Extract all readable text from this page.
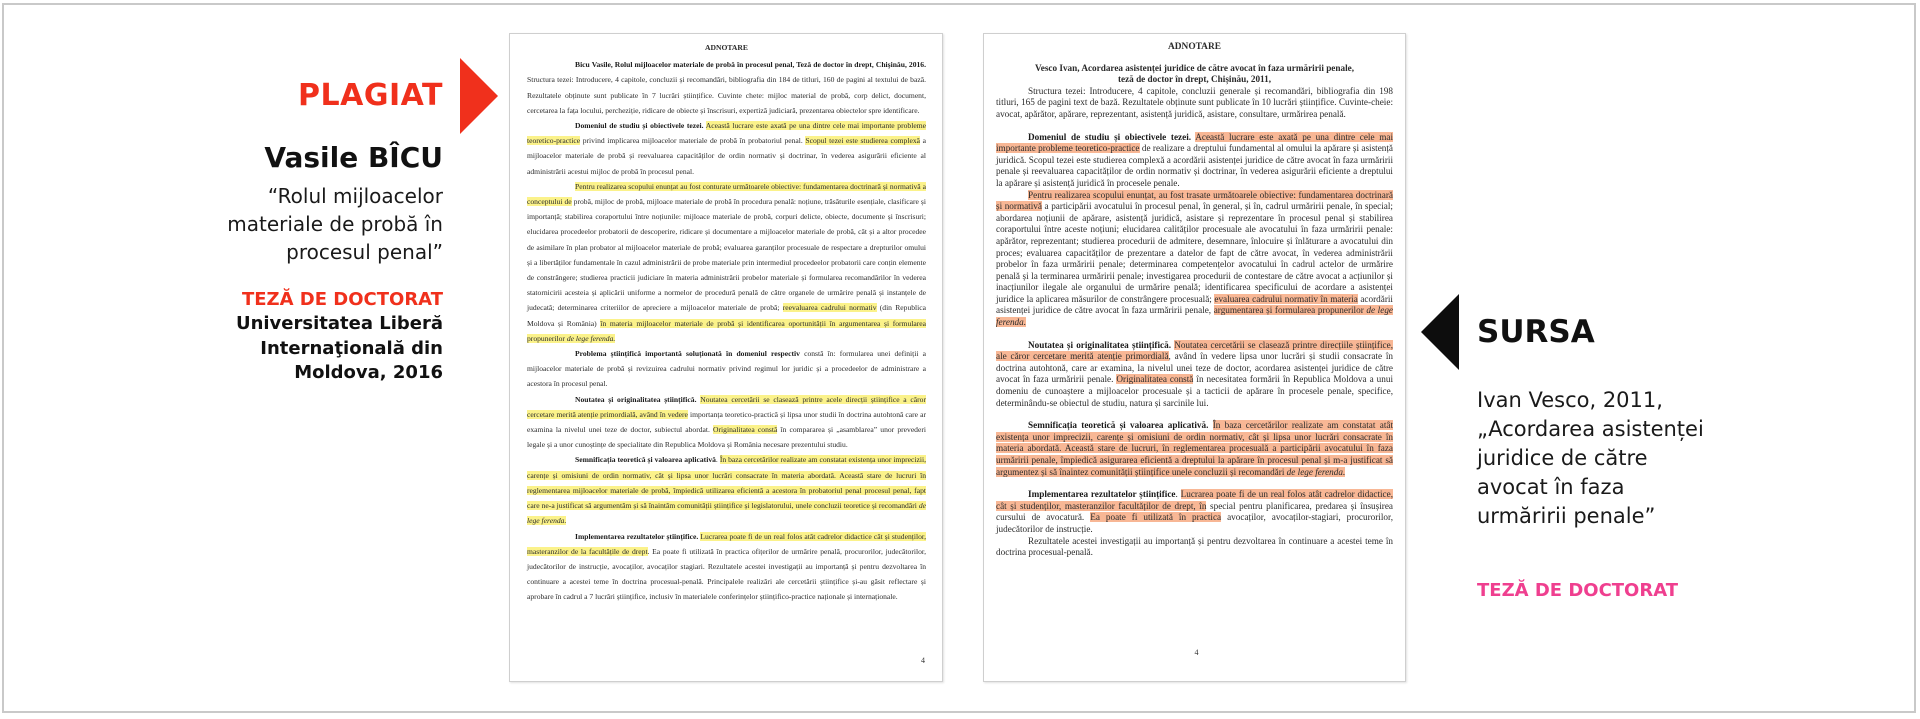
PLAGIAT
Vasile BÎCU
“Rolul mijloacelor materiale de probă în procesul penal”
TEZĂ DE DOCTORAT
Universitatea Liberă Internaţională din Moldova, 2016
ADNOTARE

Bicu Vasile, Rolul mijloacelor materiale de probă în procesul penal, Teză de doctor în drept, Chişinău, 2016. Structura tezei: Introducere, 4 capitole, concluzii și recomandări, bibliografia din 184 de titluri, 160 de pagini al textului de bază. Rezultatele obținute sunt publicate în 7 lucrări științifice. Cuvinte chete: mijloc material de probă, corp delict, document, cercetarea la fața locului, percheziție, ridicare de obiecte și înscrisuri, expertiză judiciară, prezentarea obiectelor spre identificare.

Domeniul de studiu și obiectivele tezei. Această lucrare este axată pe una dintre cele mai importante probleme teoretico-practice privind implicarea mijloacelor materiale de probă în probatoriul penal. Scopul tezei este studierea complexă a mijloacelor materiale de probă și reevaluarea capacităților de ordin normativ și doctrinar, în vederea asigurării eficiente al administrării acestui mijloc de probă în procesul penal.

Pentru realizarea scopului enunțat au fost conturate următoarele obiective: fundamentarea doctrinară și normativă a conceptului de probă, mijloc de probă, mijloace materiale de probă în procedura penală: noțiune, trăsăturile esențiale, clasificare și importanță; stabilirea coraportului între noțiunile: mijloace materiale de probă, corpuri delicte, obiecte, documente și înscrisuri; elucidarea procedeelor probatorii de descoperire, ridicare și documentare a mijloacelor materiale de probă, cât și a altor procedee de asimilare în plan probator al mijloacelor materiale de probă; evaluarea garanților procesuale de respectare a drepturilor omului și a libertăților fundamentale în cazul administrării de probe materiale prin intermediul procedeelor probatorii care conțin elemente de constrângere; studierea practicii judiciare în materia administrării probelor materiale și formularea recomandărilor în vederea statornicirii acesteia și aplicării uniforme a normelor de procedură penală de către organele de urmărire penală și instanțele de judecată; determinarea criteriilor de apreciere a mijloacelor materiale de probă; reevaluarea cadrului normativ (din Republica Moldova și România) în materia mijloacelor materiale de probă și identificarea oportunității în argumentarea și formularea propunerilor de lege ferenda.

Problema științifică importantă soluționată în domeniul respectiv constă în: formularea unei definiții a mijloacelor materiale de probă și revizuirea cadrului normativ privind regimul lor juridic și a procedeelor de administrare a acestora în procesul penal.

Noutatea și originalitatea științifică. Noutatea cercetării se clasează printre acele direcții științifice a căror cercetare merită atenție primordială, având în vedere importanța teoretico-practică și lipsa unor studii în doctrina autohtonă care ar examina la nivelul unei teze de doctor, subiectul abordat. Originalitatea constă în compararea și „asamblarea” unor prevederi legale și a unor cunoștințe de specialitate din Republica Moldova și România necesare prezentului studiu.

Semnificația teoretică și valoarea aplicativă. În baza cercetărilor realizate am constatat existența unor imprecizii, carențe și omisiuni de ordin normativ, cât și lipsa unor lucrări consacrate în materia abordată. Această stare de lucruri în reglementarea mijloacelor materiale de probă, împiedică utilizarea eficientă a acestora în probatoriul penal procesul penal, fapt care ne-a justificat să argumentăm și să înaintăm comunității științifice și legislatorului, unele concluzii teoretice și recomandări de lege ferenda.

Implementarea rezultatelor științifice. Lucrarea poate fi de un real folos atât cadrelor didactice cât și studenților, masteranzilor de la facultățile de drept. Ea poate fi utilizată în practica ofițerilor de urmărire penală, procurorilor, judecătorilor, judecătorilor de instrucție, avocaților, avocaților stagiari. Rezultatele acestei investigații au importanță și pentru dezvoltarea în continuare a acestei teme în doctrina procesual-penală. Principalele realizări ale cercetării științifice și-au găsit reflectare și aprobare în cadrul a 7 lucrări științifice, inclusiv în materialele conferințelor științifico-practice naționale și internaționale.

4
ADNOTARE

Vesco Ivan, Acordarea asistenței juridice de către avocat în faza urmăririi penale,

teză de doctor în drept, Chișinău, 2011,

Structura tezei: Introducere, 4 capitole, concluzii generale și recomandări, bibliografia din 198 titluri, 165 de pagini text de bază. Rezultatele obținute sunt publicate în 10 lucrări științifice. Cuvinte-cheie: avocat, apărător, apărare, reprezentant, asistență juridică, asistare, consultare, urmărirea penală.

Domeniul de studiu și obiectivele tezei. Această lucrare este axată pe una dintre cele mai importante probleme teoretico-practice de realizare a dreptului fundamental al omului la apărare și asistență juridică. Scopul tezei este studierea complexă a acordării asistenței juridice de către avocat în faza urmăririi penale și reevaluarea capacităților de ordin normativ și doctrinar, în vederea asigurării eficiente a dreptului la apărare și asistență juridică în procesele penale.

Pentru realizarea scopului enunțat, au fost trasate următoarele obiective: fundamentarea doctrinară și normativă a participării avocatului în procesul penal, în general, și în, cadrul urmăririi penale, în special; abordarea noțiunii de apărare, asistență juridică, asistare și reprezentare în procesul penal și stabilirea coraportului între aceste noțiuni; elucidarea calităților procesuale ale avocatului în faza urmăririi penale: apărător, reprezentant; studierea procedurii de admitere, desemnare, înlocuire și înlăturare a avocatului din proces; evaluarea capacităților de prezentare a datelor de fapt de către avocat, în vederea administrării probelor în faza urmăririi penale; determinarea competențelor avocatului în cadrul actelor de urmărire penală și la terminarea urmăririi penale; investigarea procedurii de contestare de către avocat a acțiunilor și inacțiunilor ilegale ale organului de urmărire penală; identificarea specificului de acordare a asistenței juridice la aplicarea măsurilor de constrângere procesuală; evaluarea cadrului normativ în materia acordării asistenței juridice de către avocat în faza urmăririi penale, argumentarea și formularea propunerilor de lege ferenda.

Noutatea și originalitatea științifică. Noutatea cercetării se clasează printre direcțiile științifice, ale căror cercetare merită atenție primordială, având în vedere lipsa unor lucrări și studii consacrate în doctrina autohtonă, care ar examina, la nivelul unei teze de doctor, acordarea asistenței juridice de către avocat în faza urmăririi penale. Originalitatea constă în necesitatea formării în Republica Moldova a unui domeniu de cunoaștere a mijloacelor procesuale și a tacticii de apărare în procesele penale, specifice, determinându-se obiectul de studiu, natura și sarcinile lui.

Semnificația teoretică și valoarea aplicativă. În baza cercetărilor realizate am constatat atât existența unor imprecizii, carențe și omisiuni de ordin normativ, cât și lipsa unor lucrări consacrate în materia abordată. Această stare de lucruri, în reglementarea procesuală a participării avocatului în faza urmăririi penale, împiedică asigurarea eficientă a dreptului la apărare în procesul penal și m-a justificat să argumentez și să înaintez comunității științifice unele concluzii și recomandări de lege ferenda.

Implementarea rezultatelor științifice. Lucrarea poate fi de un real folos atât cadrelor didactice, cât și studenților, masteranzilor facultăților de drept, în special pentru planificarea, predarea și însușirea cursului de avocatură. Ea poate fi utilizată în practica avocaților, avocaților-stagiari, procurorilor, judecătorilor de instrucție.

Rezultatele acestei investigații au importanță și pentru dezvoltarea în continuare a acestei teme în doctrina procesual-penală.

4
SURSA
Ivan Vesco, 2011, „Acordarea asistenței juridice de către avocat în faza urmăririi penale”
TEZĂ DE DOCTORAT
